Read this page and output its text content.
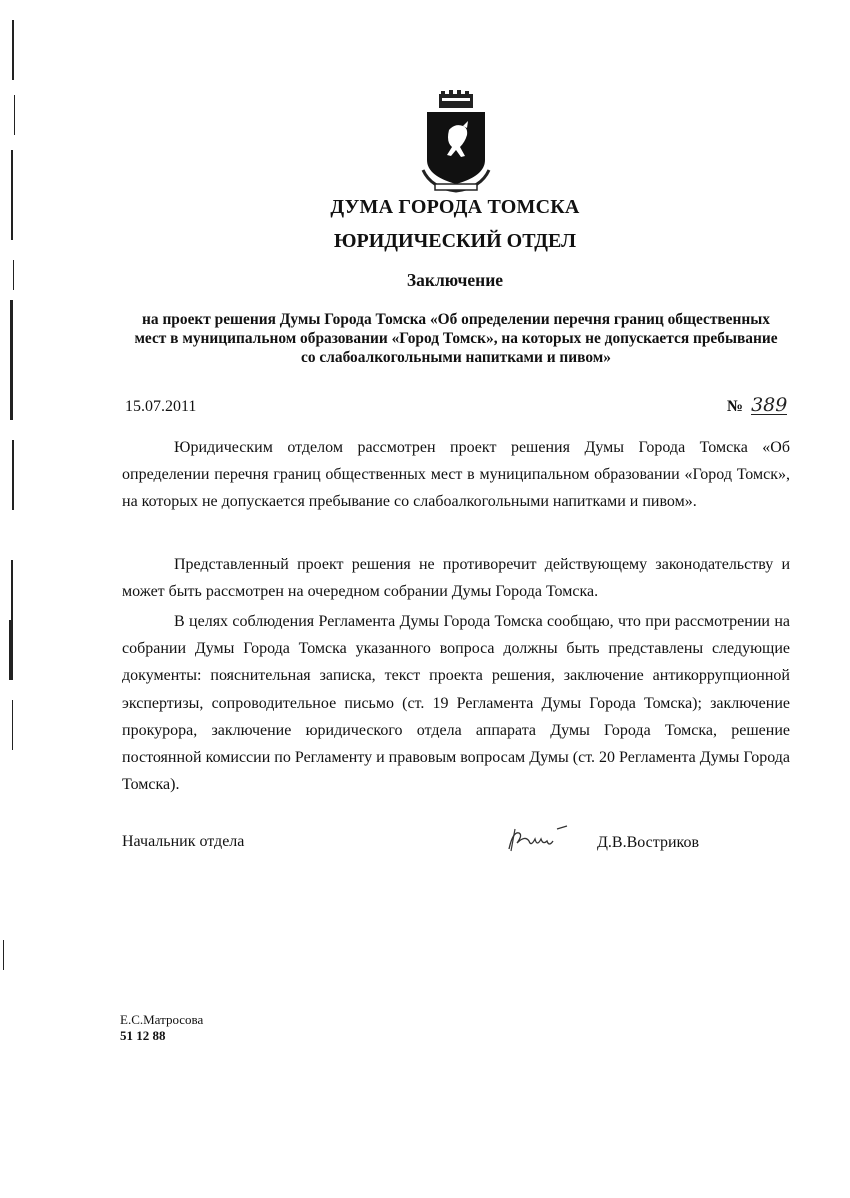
ДУМА ГОРОДА ТОМСКА
ЮРИДИЧЕСКИЙ ОТДЕЛ
Заключение
на проект решения Думы Города Томска «Об определении перечня границ общественных мест в муниципальном образовании «Город Томск», на которых не допускается пребывание со слабоалкогольными напитками и пивом»
15.07.2011	№ 389

Юридическим отделом рассмотрен проект решения Думы Города Томска «Об определении перечня границ общественных мест в муниципальном образовании «Город Томск», на которых не допускается пребывание со слабоалкогольными напитками и пивом».

Представленный проект решения не противоречит действующему законодательству и может быть рассмотрен на очередном собрании Думы Города Томска.

В целях соблюдения Регламента Думы Города Томска сообщаю, что при рассмотрении на собрании Думы Города Томска указанного вопроса должны быть представлены следующие документы: пояснительная записка, текст проекта решения, заключение антикоррупционной экспертизы, сопроводительное письмо (ст. 19 Регламента Думы Города Томска); заключение прокурора, заключение юридического отдела аппарата Думы Города Томска, решение постоянной комиссии по Регламенту и правовым вопросам Думы (ст. 20 Регламента Думы Города Томска).

Начальник отдела	Д.В.Востриков
Е.С.Матросова
51 12 88
